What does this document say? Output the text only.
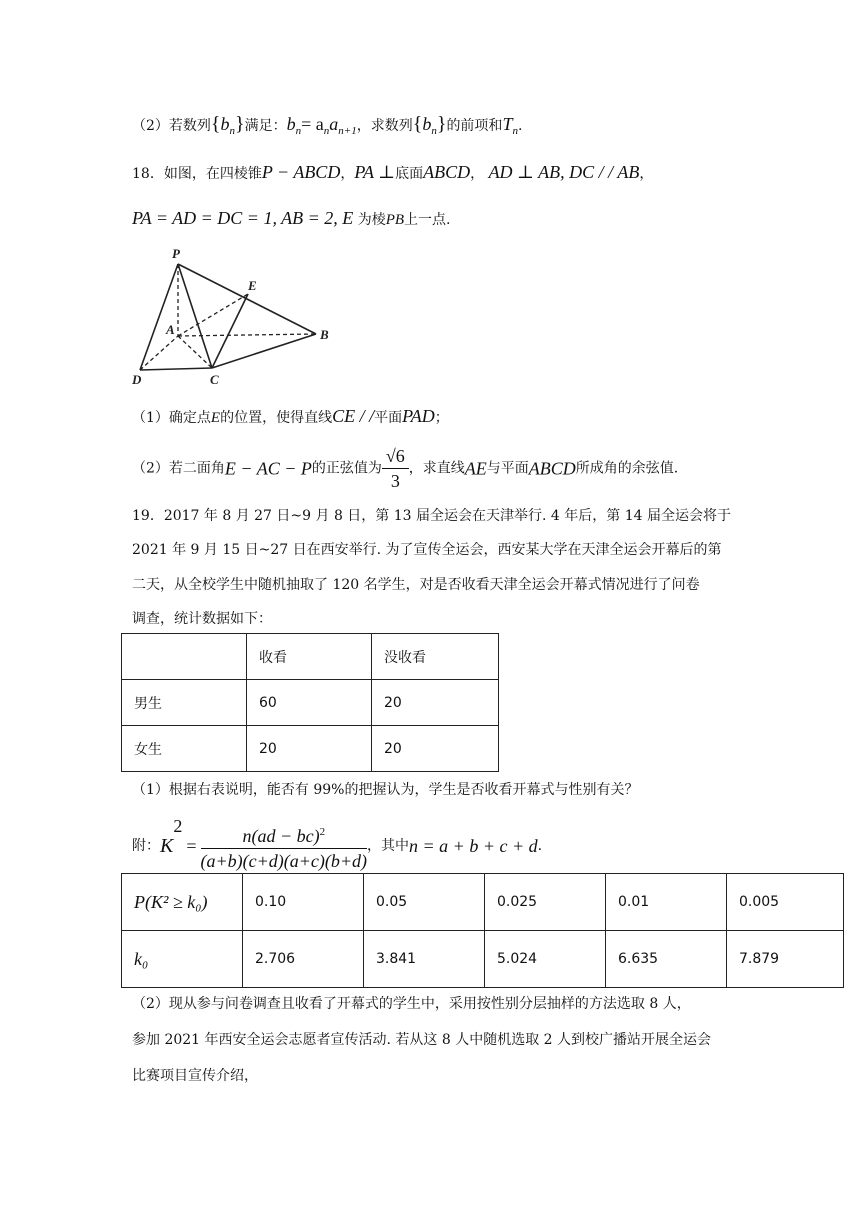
（2）若数列$\{b_n\}$满足：$b_n= a_na_{n+1}$，求数列$\{b_n\}$的前项和$T_n$.
18．如图，在四棱锥P − ABCD，PA ⊥底面ABCD， AD ⊥ AB, DC / / AB，
PA = AD = DC = 1, AB = 2, E 为棱PB上一点.
P
E
A	B
D	C
（1）确定点E的位置，使得直线CE / /平面PAD；
（2）若二面角E − AC − P的正弦值为 $\frac{√6}{3}$ ，求直线AE与平面ABCD所成角的余弦值.
19．2017 年 8 月 27 日~9 月 8 日，第 13 届全运会在天津举行. 4 年后，第 14 届全运会将于
2021 年 9 月 15 日~27 日在西安举行. 为了宣传全运会，西安某大学在天津全运会开幕后的第
二天，从全校学生中随机抽取了 120 名学生，对是否收看天津全运会开幕式情况进行了问卷
调查，统计数据如下：
	收看	没收看
男生	60	20
女生	20	20
（1）根据右表说明，能否有 99%的把握认为，学生是否收看开幕式与性别有关？
附：$K^2= \frac{n(ad - bc)^2}{(a+b)(c+d)(a+c)(b+d)}$ ，其中n = a + b + c + d.
P(K² ≥ k₀)	0.10	0.05	0.025	0.01	0.005
k₀	2.706	3.841	5.024	6.635	7.879
（2）现从参与问卷调查且收看了开幕式的学生中，采用按性别分层抽样的方法选取 8 人，
参加 2021 年西安全运会志愿者宣传活动. 若从这 8 人中随机选取 2 人到校广播站开展全运会
比赛项目宣传介绍，
